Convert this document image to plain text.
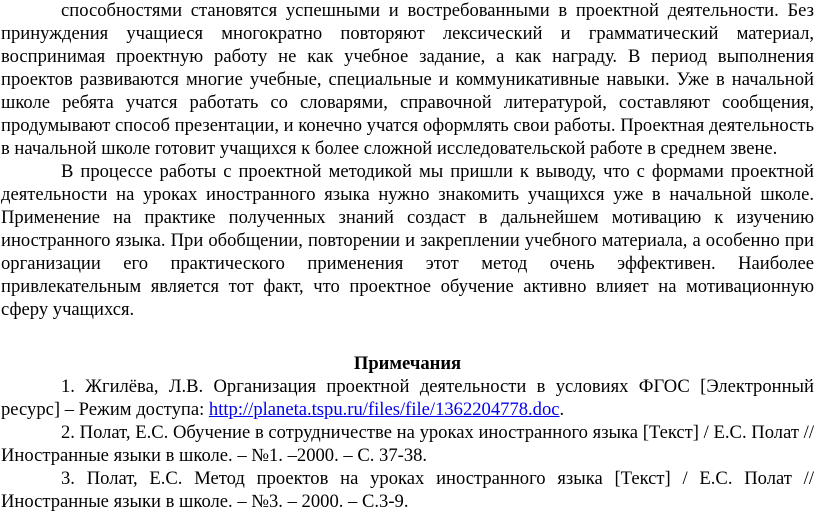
способностями становятся успешными и востребованными в проектной деятельности. Без принуждения учащиеся многократно повторяют лексический и грамматический материал, воспринимая проектную работу не как учебное задание, а как награду. В период выполнения проектов развиваются многие учебные, специальные и коммуникативные навыки. Уже в начальной школе ребята учатся работать со словарями, справочной литературой, составляют сообщения, продумывают способ презентации, и конечно учатся оформлять свои работы. Проектная деятельность в начальной школе готовит учащихся к более сложной исследовательской работе в среднем звене.

В процессе работы с проектной методикой мы пришли к выводу, что с формами проектной деятельности на уроках иностранного языка нужно знакомить учащихся уже в начальной школе. Применение на практике полученных знаний создаст в дальнейшем мотивацию к изучению иностранного языка. При обобщении, повторении и закреплении учебного материала, а особенно при организации его практического применения этот метод очень эффективен. Наиболее привлекательным является тот факт, что проектное обучение активно влияет на мотивационную сферу учащихся.

Примечания

1. Жгилёва, Л.В. Организация проектной деятельности в условиях ФГОС [Электронный ресурс] – Режим доступа: http://planeta.tspu.ru/files/file/1362204778.doc.

2. Полат, Е.С. Обучение в сотрудничестве на уроках иностранного языка [Текст] / Е.С. Полат // Иностранные языки в школе. – №1. –2000. – С. 37-38.

3. Полат, Е.С. Метод проектов на уроках иностранного языка [Текст] / Е.С. Полат // Иностранные языки в школе. – №3. – 2000. – С.3-9.
